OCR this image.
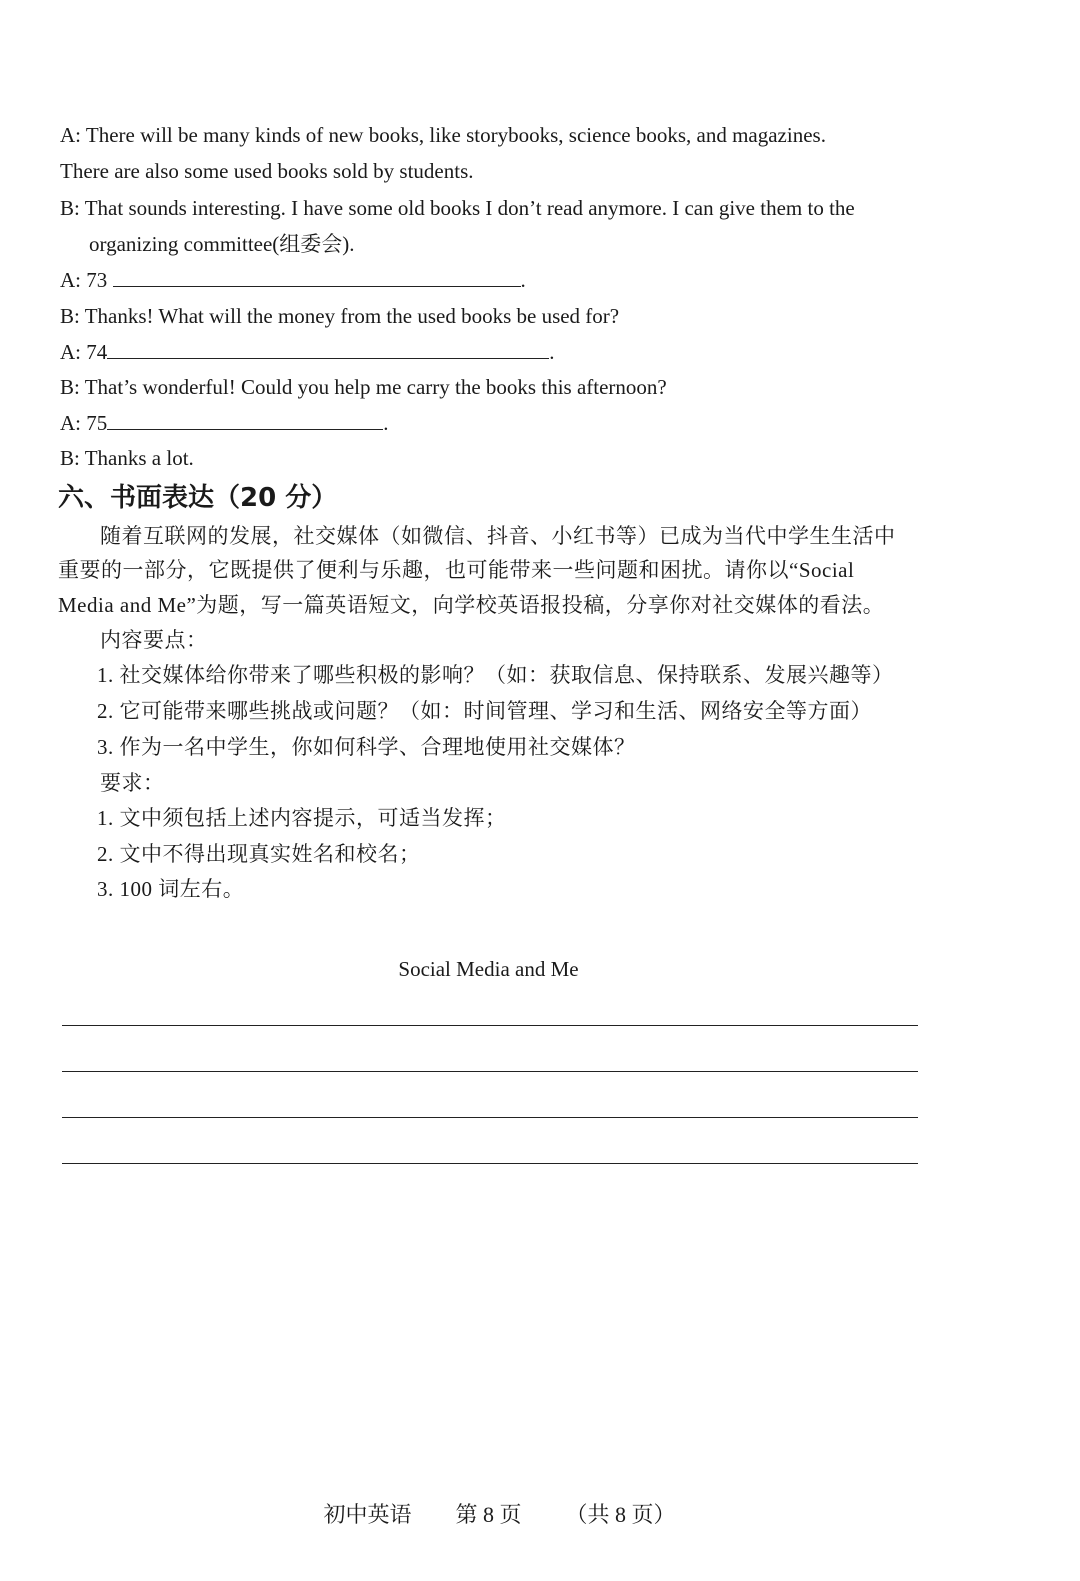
A: There will be many kinds of new books, like storybooks, science books, and magazines.
There are also some used books sold by students.
B: That sounds interesting. I have some old books I don’t read anymore. I can give them to the
organizing committee(组委会).
A: 73	.
B: Thanks! What will the money from the used books be used for?
A: 74	.
B: That’s wonderful! Could you help me carry the books this afternoon?
A: 75	.
B: Thanks a lot.
六、书面表达（20 分）
随着互联网的发展，社交媒体（如微信、抖音、小红书等）已成为当代中学生生活中
重要的一部分，它既提供了便利与乐趣，也可能带来一些问题和困扰。请你以“Social
Media and Me”为题，写一篇英语短文，向学校英语报投稿，分享你对社交媒体的看法。
内容要点：
1. 社交媒体给你带来了哪些积极的影响？（如：获取信息、保持联系、发展兴趣等）
2. 它可能带来哪些挑战或问题？（如：时间管理、学习和生活、网络安全等方面）
3. 作为一名中学生，你如何科学、合理地使用社交媒体？
要求：
1. 文中须包括上述内容提示，可适当发挥；
2. 文中不得出现真实姓名和校名；
3. 100 词左右。
Social Media and Me

初中英语 第 8 页 （共 8 页）
